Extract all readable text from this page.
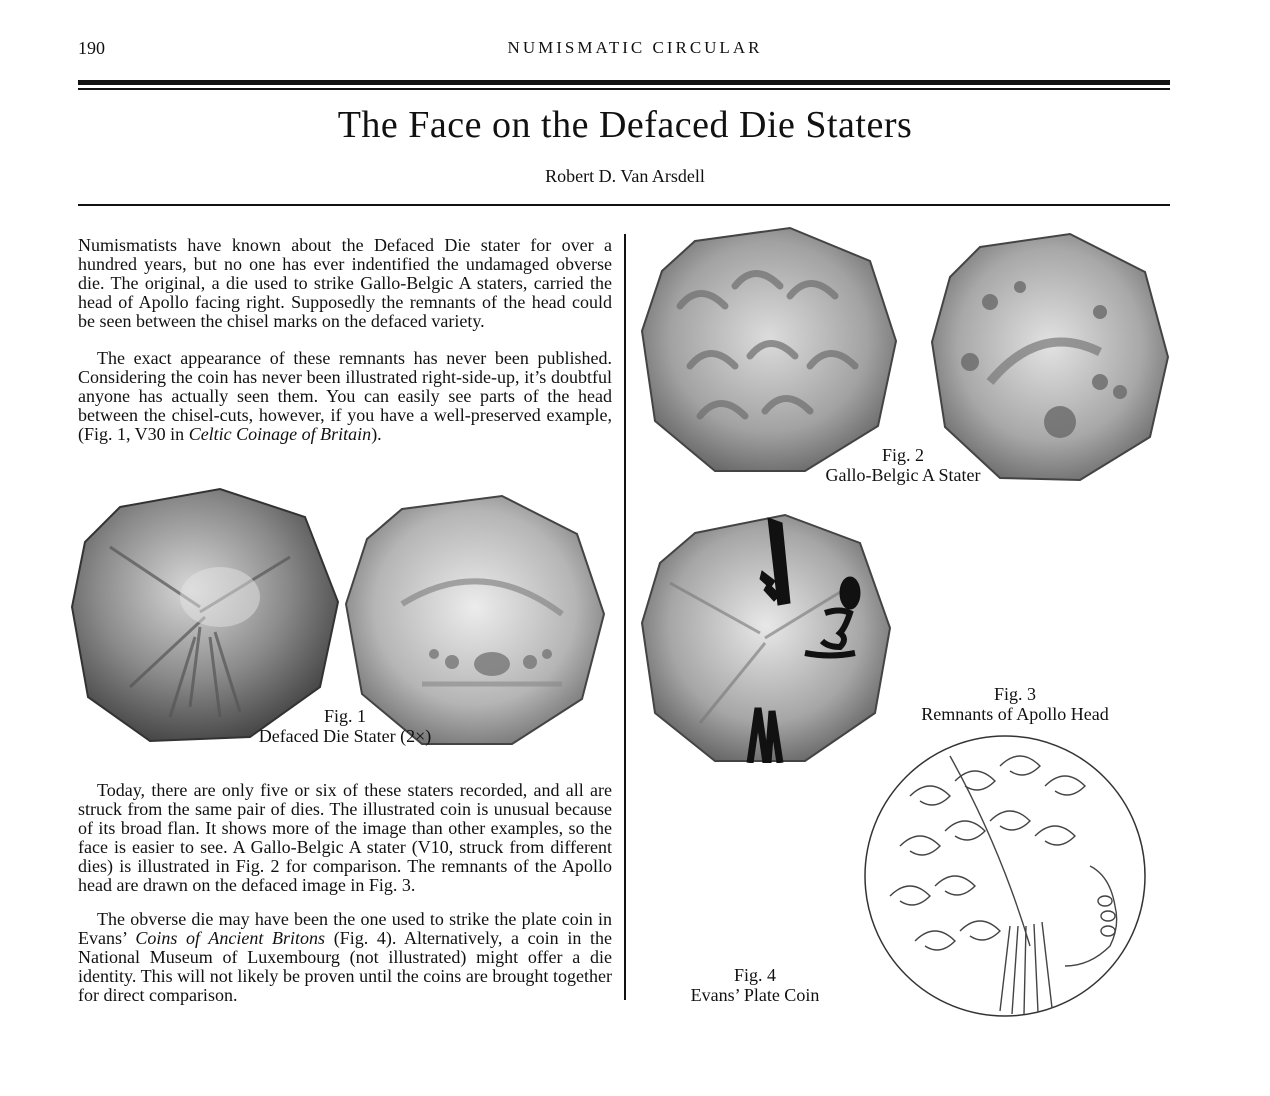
190	NUMISMATIC CIRCULAR
The Face on the Defaced Die Staters
Robert D. Van Arsdell

Numismatists have known about the Defaced Die stater for over a hundred years, but no one has ever indentified the undamaged obverse die. The original, a die used to strike Gallo-Belgic A staters, carried the head of Apollo facing right. Supposedly the remnants of the head could be seen between the chisel marks on the defaced variety.

The exact appearance of these remnants has never been published. Considering the coin has never been illustrated right-side-up, it’s doubtful anyone has actually seen them. You can easily see parts of the head between the chisel-cuts, however, if you have a well-preserved example, (Fig. 1, V30 in Celtic Coinage of Britain).

Fig. 1
Defaced Die Stater (2×)

Today, there are only five or six of these staters recorded, and all are struck from the same pair of dies. The illustrated coin is unusual because of its broad flan. It shows more of the image than other examples, so the face is easier to see. A Gallo-Belgic A stater (V10, struck from different dies) is illustrated in Fig. 2 for comparison. The remnants of the Apollo head are drawn on the defaced image in Fig. 3.

The obverse die may have been the one used to strike the plate coin in Evans’ Coins of Ancient Britons (Fig. 4). Alternatively, a coin in the National Museum of Luxembourg (not illustrated) might offer a die identity. This will not likely be proven until the coins are brought together for direct comparison.

Fig. 2
Gallo-Belgic A Stater
Fig. 3
Remnants of Apollo Head
Fig. 4
Evans’ Plate Coin
